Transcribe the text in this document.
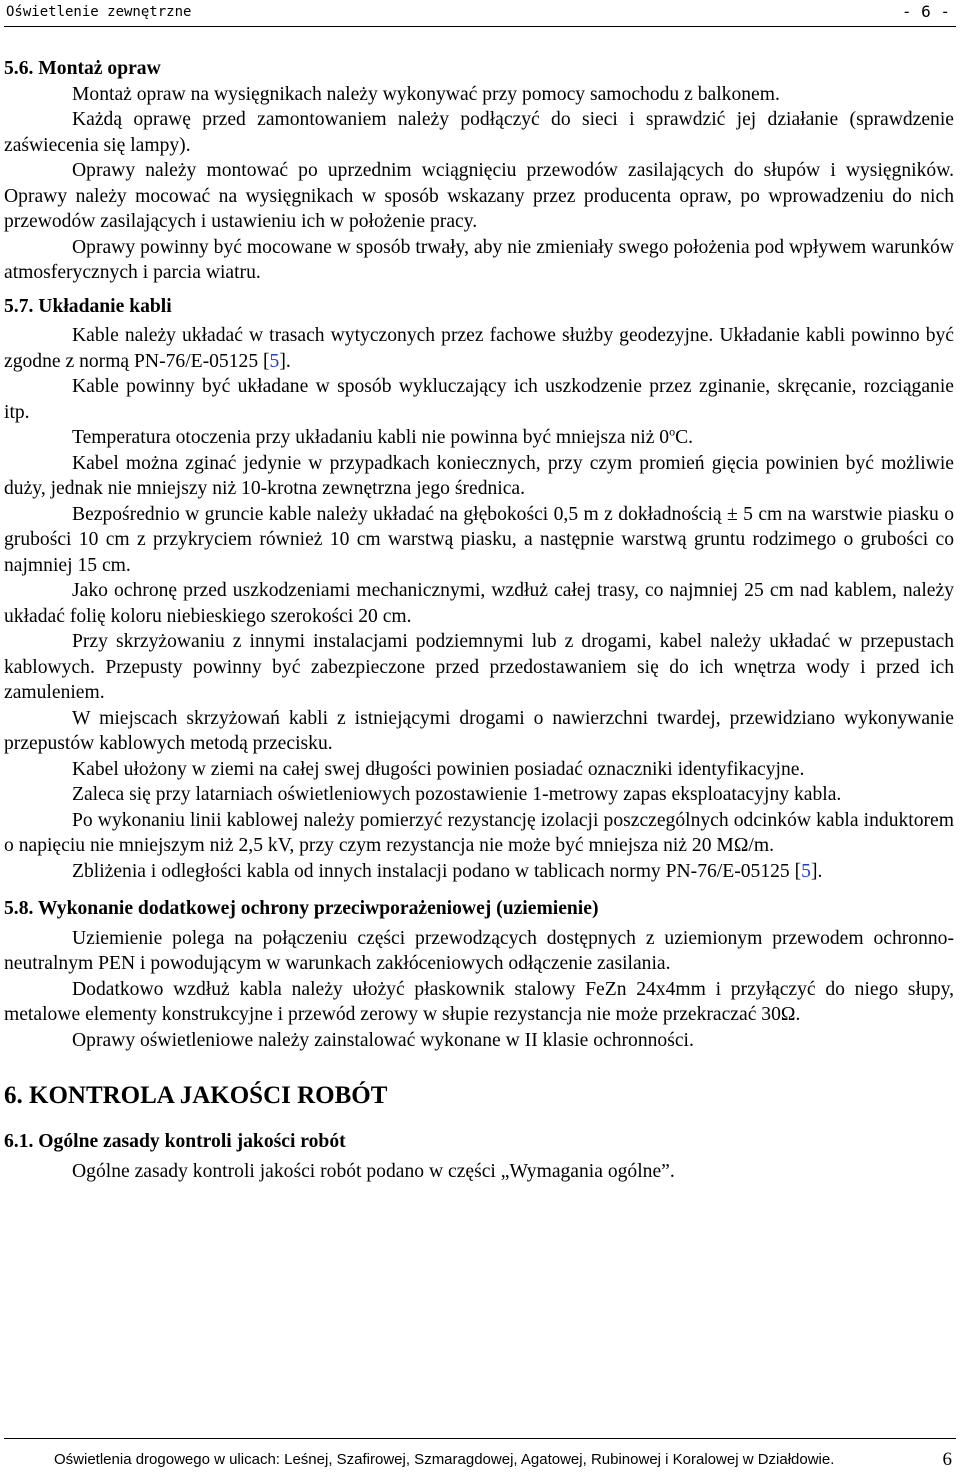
Oświetlenie zewnętrzne	- 6 -
5.6. Montaż opraw

Montaż opraw na wysięgnikach należy wykonywać przy pomocy samochodu z balkonem.

Każdą oprawę przed zamontowaniem należy podłączyć do sieci i sprawdzić jej działanie (sprawdzenie zaświecenia się lampy).

Oprawy należy montować po uprzednim wciągnięciu przewodów zasilających do słupów i wysięgników. Oprawy należy mocować na wysięgnikach w sposób wskazany przez producenta opraw, po wprowadzeniu do nich przewodów zasilających i ustawieniu ich w położenie pracy.

Oprawy powinny być mocowane w sposób trwały, aby nie zmieniały swego położenia pod wpływem warunków atmosferycznych i parcia wiatru.

5.7. Układanie kabli

Kable należy układać w trasach wytyczonych przez fachowe służby geodezyjne. Układanie kabli powinno być zgodne z normą PN-76/E-05125 [5].

Kable powinny być układane w sposób wykluczający ich uszkodzenie przez zginanie, skręcanie, rozciąganie itp.

Temperatura otoczenia przy układaniu kabli nie powinna być mniejsza niż 0$^o$C.

Kabel można zginać jedynie w przypadkach koniecznych, przy czym promień gięcia powinien być możliwie duży, jednak nie mniejszy niż 10-krotna zewnętrzna jego średnica.

Bezpośrednio w gruncie kable należy układać na głębokości 0,5 m z dokładnością ± 5 cm na warstwie piasku o grubości 10 cm z przykryciem również 10 cm warstwą piasku, a następnie warstwą gruntu rodzimego o grubości co najmniej 15 cm.

Jako ochronę przed uszkodzeniami mechanicznymi, wzdłuż całej trasy, co najmniej 25 cm nad kablem, należy układać folię koloru niebieskiego szerokości 20 cm.

Przy skrzyżowaniu z innymi instalacjami podziemnymi lub z drogami, kabel należy układać w przepustach kablowych. Przepusty powinny być zabezpieczone przed przedostawaniem się do ich wnętrza wody i przed ich zamuleniem.

W miejscach skrzyżowań kabli z istniejącymi drogami o nawierzchni twardej, przewidziano wykonywanie przepustów kablowych metodą przecisku.

Kabel ułożony w ziemi na całej swej długości powinien posiadać oznaczniki identyfikacyjne.

Zaleca się przy latarniach oświetleniowych pozostawienie 1-metrowy zapas eksploatacyjny kabla.

Po wykonaniu linii kablowej należy pomierzyć rezystancję izolacji poszczególnych odcinków kabla induktorem o napięciu nie mniejszym niż 2,5 kV, przy czym rezystancja nie może być mniejsza niż 20 MΩ/m.

Zbliżenia i odległości kabla od innych instalacji podano w tablicach normy PN-76/E-05125 [5].

5.8. Wykonanie dodatkowej ochrony przeciwporażeniowej (uziemienie)

Uziemienie polega na połączeniu części przewodzących dostępnych z uziemionym przewodem ochronno-neutralnym PEN i powodującym w warunkach zakłóceniowych odłączenie zasilania.

Dodatkowo wzdłuż kabla należy ułożyć płaskownik stalowy FeZn 24x4mm i przyłączyć do niego słupy, metalowe elementy konstrukcyjne i przewód zerowy w słupie rezystancja nie może przekraczać 30Ω.

Oprawy oświetleniowe należy zainstalować wykonane w II klasie ochronności.

6. KONTROLA JAKOŚCI ROBÓT
6.1. Ogólne zasady kontroli jakości robót

Ogólne zasady kontroli jakości robót podano w części „Wymagania ogólne”.

Oświetlenia drogowego w ulicach: Leśnej, Szafirowej, Szmaragdowej, Agatowej, Rubinowej i Koralowej w Działdowie.	6
